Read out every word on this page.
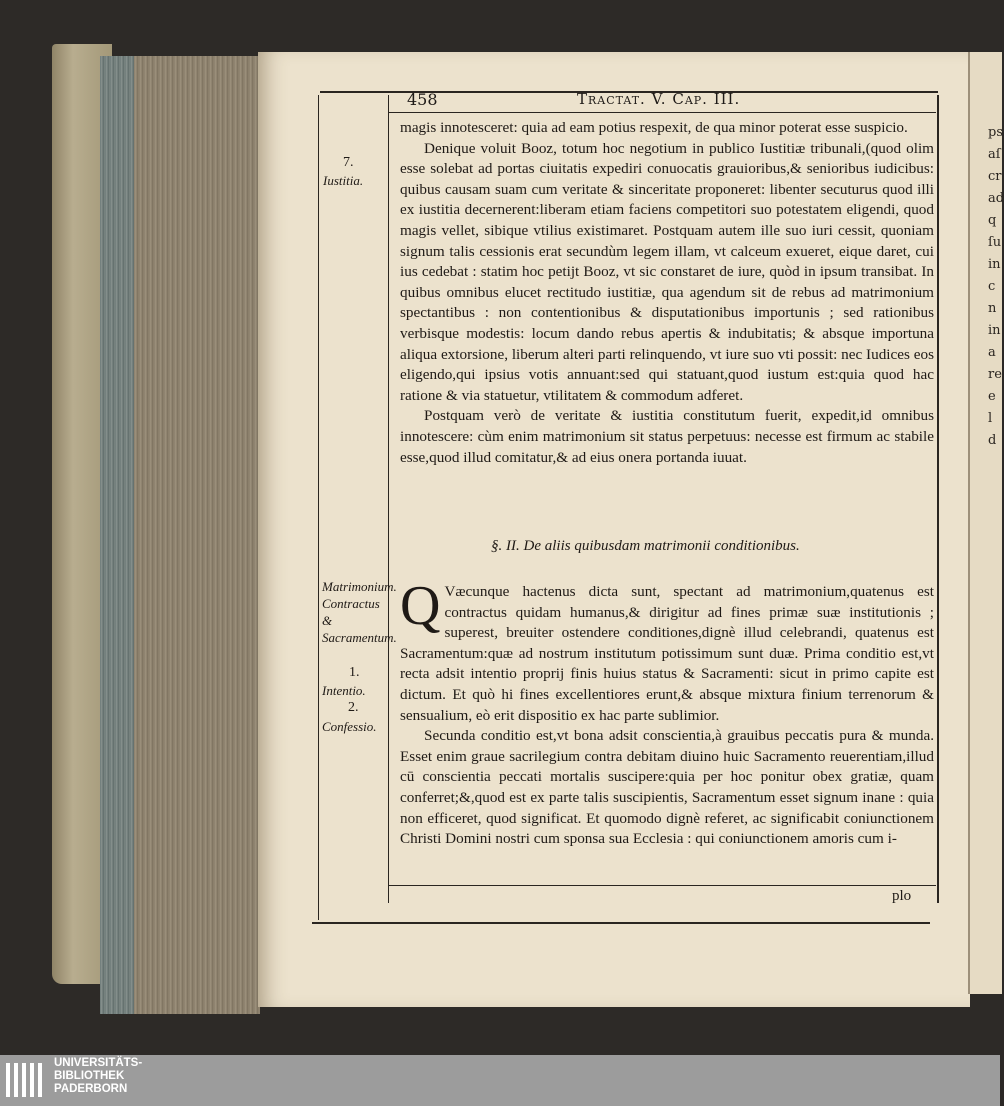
ps
aſ
cr
ad
q
ſu
in
c
n
in
a
re
e
l
d
458	Tractat. V. Cap. III.

magis innotesceret: quia ad eam potius respexit, de qua minor poterat esse suspicio.

Denique voluit Booz, totum hoc negotium in publico Iustitiæ tribunali,(quod olim esse solebat ad portas ciuitatis expediri conuocatis grauioribus,& senioribus iudicibus: quibus causam suam cum veritate & sinceritate proponeret: libenter secuturus quod illi ex iustitia decernerent:liberam etiam faciens competitori suo potestatem eligendi, quod magis vellet, sibique vtilius existimaret. Postquam autem ille suo iuri cessit, quoniam signum talis cessionis erat secundùm legem illam, vt calceum exueret, eique daret, cui ius cedebat : statim hoc petijt Booz, vt sic constaret de iure, quòd in ipsum transibat. In quibus omnibus elucet rectitudo iustitiæ, qua agendum sit de rebus ad matrimonium spectantibus : non contentionibus & disputationibus importunis ; sed rationibus verbisque modestis: locum dando rebus apertis & indubitatis; & absque importuna aliqua extorsione, liberum alteri parti relinquendo, vt iure suo vti possit: nec Iudices eos eligendo,qui ipsius votis annuant:sed qui statuant,quod iustum est:quia quod hac ratione & via statuetur, vtilitatem & commodum adferet.

Postquam verò de veritate & iustitia constitutum fuerit, expedit,id omnibus innotescere: cùm enim matrimonium sit status perpetuus: necesse est firmum ac stabile esse,quod illud comitatur,& ad eius onera portanda iuuat.

§. II. De aliis quibusdam matrimonii conditionibus.

Q Væcunque hactenus dicta sunt, spectant ad matrimonium,quatenus est contractus quidam humanus,& dirigitur ad fines primæ suæ institutionis ; superest, breuiter ostendere conditiones,dignè illud celebrandi, quatenus est Sacramentum:quæ ad nostrum institutum potissimum sunt duæ. Prima conditio est,vt recta adsit intentio proprij finis huius status & Sacramenti: sicut in primo capite est dictum. Et quò hi fines excellentiores erunt,& absque mixtura finium terrenorum & sensualium, eò erit dispositio ex hac parte sublimior.

Secunda conditio est,vt bona adsit conscientia,à grauibus peccatis pura & munda. Esset enim graue sacrilegium contra debitam diuino huic Sacramento reuerentiam,illud cū conscientia peccati mortalis suscipere:quia per hoc ponitur obex gratiæ, quam conferret;&,quod est ex parte talis suscipientis, Sacramentum esset signum inane : quia non efficeret, quod significat. Et quomodo dignè referet, ac significabit coniunctionem Christi Domini nostri cum sponsa sua Ecclesia : qui coniunctionem amoris cum i-

plo
7.
Iustitia.
Matrimonium. Contractus & Sacramentum.
1.
Intentio.
2.
Confessio.
UNIVERSITÄTS-
BIBLIOTHEK
PADERBORN
